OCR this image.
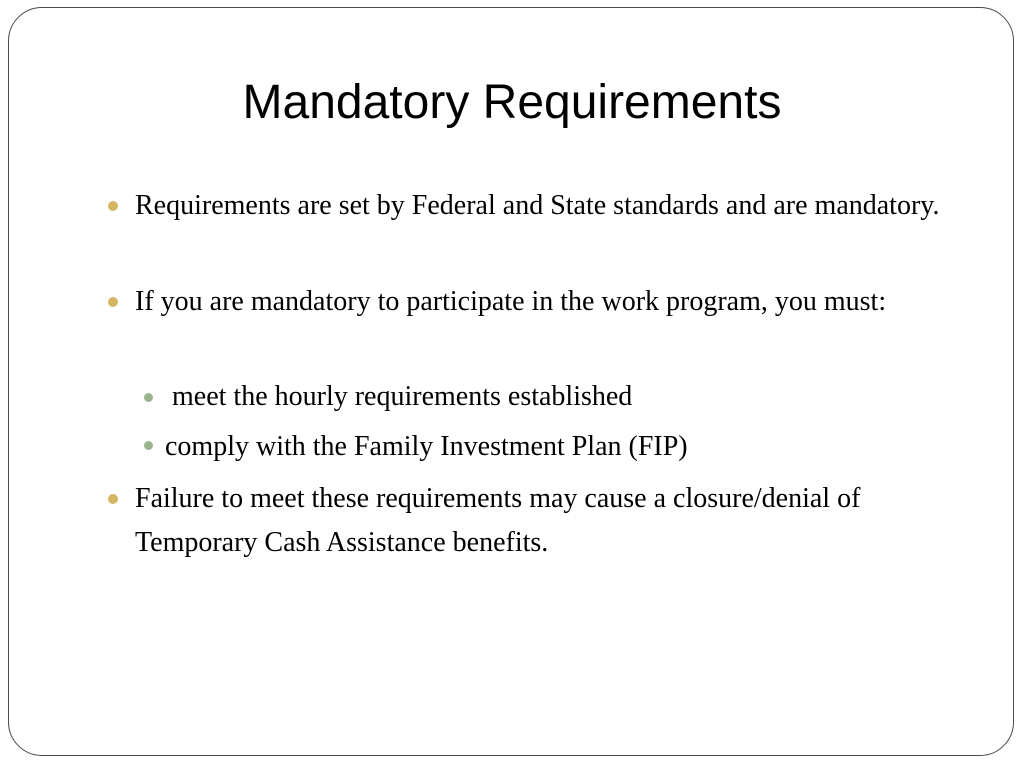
Mandatory Requirements

Requirements are set by Federal and State standards and are mandatory.

If you are mandatory to participate in the work program, you must:

meet the hourly requirements established

comply with the Family Investment Plan (FIP)

Failure to meet these requirements may cause a closure/denial of Temporary Cash Assistance benefits.
